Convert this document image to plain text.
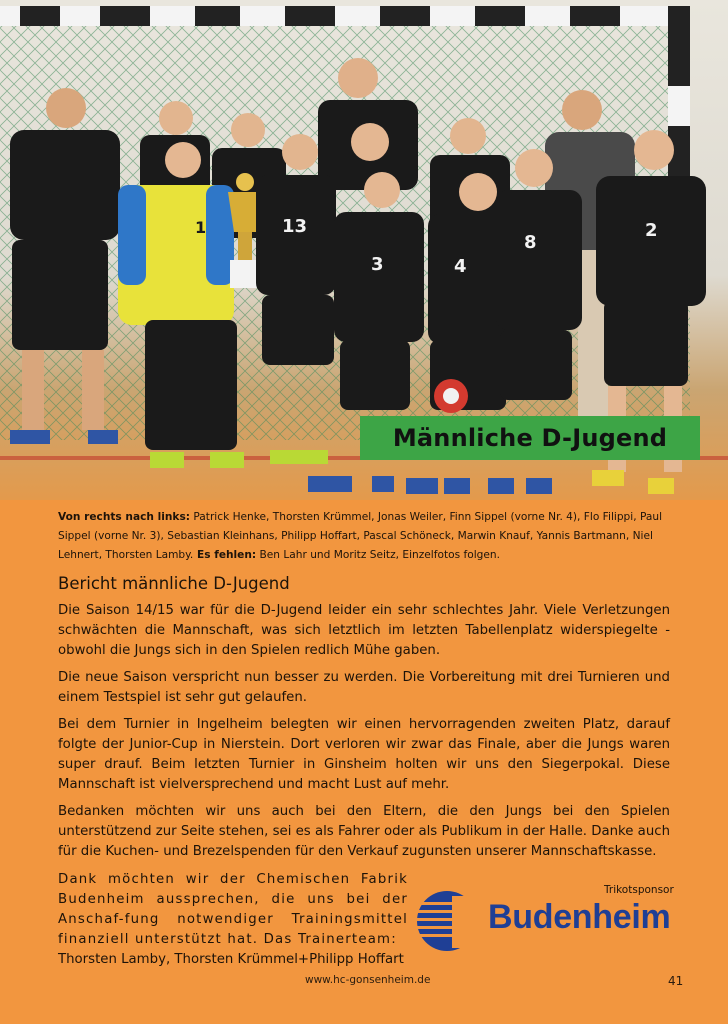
1	13
3	4
8
2
Männliche D-Jugend
Von rechts nach links: Patrick Henke, Thorsten Krümmel, Jonas Weiler, Finn Sippel (vorne Nr. 4), Flo Filippi, Paul Sippel (vorne Nr. 3), Sebastian Kleinhans, Philipp Hoffart, Pascal Schöneck, Marwin Knauf, Yannis Bartmann, Niel Lehnert, Thorsten Lamby. Es fehlen: Ben Lahr und Moritz Seitz, Einzelfotos folgen.
Bericht männliche D-Jugend

Die Saison 14/15 war für die D-Jugend leider ein sehr schlechtes Jahr. Viele Verletzungen schwächten die Mannschaft, was sich letztlich im letzten Tabellenplatz widerspiegelte - obwohl die Jungs sich in den Spielen redlich Mühe gaben.

Die neue Saison verspricht nun besser zu werden. Die Vorbereitung mit drei Turnieren und einem Testspiel ist sehr gut gelaufen.

Bei dem Turnier in Ingelheim belegten wir einen hervorragenden zweiten Platz, darauf folgte der Junior-Cup in Nierstein. Dort verloren wir zwar das Finale, aber die Jungs waren super drauf. Beim letzten Turnier in Ginsheim holten wir uns den Siegerpokal. Diese Mannschaft ist vielversprechend und macht Lust auf mehr.

Bedanken möchten wir uns auch bei den Eltern, die den Jungs bei den Spielen unterstützend zur Seite stehen, sei es als Fahrer oder als Publikum in der Halle. Danke auch für die Kuchen- und Brezelspenden für den Verkauf zugunsten unserer Mannschaftskasse.

Dank möchten wir der Chemischen Fabrik Budenheim aussprechen, die uns bei der Anschaf-fung notwendiger Trainingsmittel finanziell unterstützt hat. Das Trainerteam:

Thorsten Lamby, Thorsten Krümmel+Philipp Hoffart

Trikotsponsor
Budenheim
www.hc-gonsenheim.de	41
